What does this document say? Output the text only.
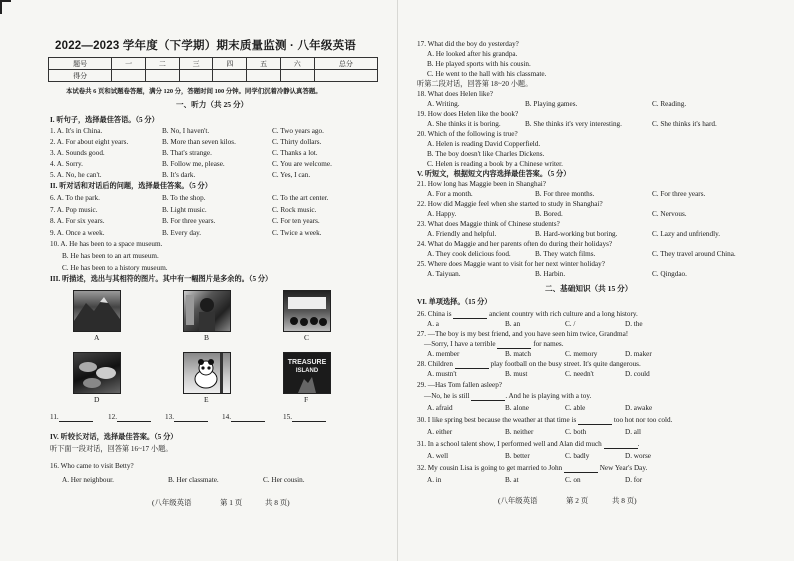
2022—2023 学年度（下学期）期末质量监测 · 八年级英语
题号	一	二	三	四	五	六	总分
得分							
本试卷共 6 页和试题卷答题，满分 120 分，答题时间 100 分钟。同学们沉着冷静认真答题。
一、听力（共 25 分）
I. 听句子，选择最佳答语。（5 分）
1. A. It's in China.	B. No, I haven't.	C. Two years ago.
2. A. For about eight years.	B. More than seven kilos.	C. Thirty dollars.
3. A. Sounds good.	B. That's strange.	C. Thanks a lot.
4. A. Sorry.	B. Follow me, please.	C. You are welcome.
5. A. No, he can't.	B. It's dark.	C. Yes, I can.
II. 听对话和对话后的问题，选择最佳答案。（5 分）
6. A. To the park.	B. To the shop.	C. To the art center.
7. A. Pop music.	B. Light music.	C. Rock music.
8. A. For six years.	B. For three years.	C. For ten years.
9. A. Once a week.	B. Every day.	C. Twice a week.
10. A. He has been to a space museum.
B. He has been to an art museum.
C. He has been to a history museum.
III. 听描述，选出与其相符的图片。其中有一幅图片是多余的。（5 分）
A	B	C
TREASURE
ISLAND
D	E	F
11.	12.	13.	14.	15.
IV. 听较长对话，选择最佳答案。（5 分）
听下面一段对话，回答第 16~17 小题。
16. Who came to visit Betty?
A. Her neighbour.	B. Her classmate.	C. Her cousin.
(八年级英语	第 1 页	共 8 页)
17. What did the boy do yesterday?
A. He looked after his grandpa.
B. He played sports with his cousin.
C. He went to the hall with his classmate.
听第二段对话，回答第 18~20 小题。
18. What does Helen like?
A. Writing.	B. Playing games.	C. Reading.
19. How does Helen like the book?
A. She thinks it is boring.	B. She thinks it's very interesting.	C. She thinks it's hard.
20. Which of the following is true?
A. Helen is reading David Copperfield.
B. The boy doesn't like Charles Dickens.
C. Helen is reading a book by a Chinese writer.
V. 听短文，根据短文内容选择最佳答案。（5 分）
21. How long has Maggie been in Shanghai?
A. For a month.	B. For three months.	C. For three years.
22. How did Maggie feel when she started to study in Shanghai?
A. Happy.	B. Bored.	C. Nervous.
23. What does Maggie think of Chinese students?
A. Friendly and helpful.	B. Hard-working but boring.	C. Lazy and unfriendly.
24. What do Maggie and her parents often do during their holidays?
A. They cook delicious food.	B. They watch films.	C. They travel around China.
25. Where does Maggie want to visit for her next winter holiday?
A. Taiyuan.	B. Harbin.	C. Qingdao.
二、基础知识（共 15 分）
VI. 单项选择。（15 分）
26. China is	ancient country with rich culture and a long history.
A. a	B. an	C. /	D. the
27. —The boy is my best friend, and you have seen him twice, Grandma!
—Sorry, I have a terrible	for names.
A. member	B. match	C. memory	D. maker
28. Children	play football on the busy street. It's quite dangerous.
A. mustn't	B. must	C. needn't	D. could
29. —Has Tom fallen asleep?
—No, he is still	. And he is playing with a toy.
A. afraid	B. alone	C. able	D. awake
30. I like spring best because the weather at that time is	too hot nor too cold.
A. either	B. neither	C. both	D. all
31. In a school talent show, I performed well and Alan did much	.
A. well	B. better	C. badly	D. worse
32. My cousin Lisa is going to get married to John	New Year's Day.
A. in	B. at	C. on	D. for
(八年级英语	第 2 页	共 8 页)
